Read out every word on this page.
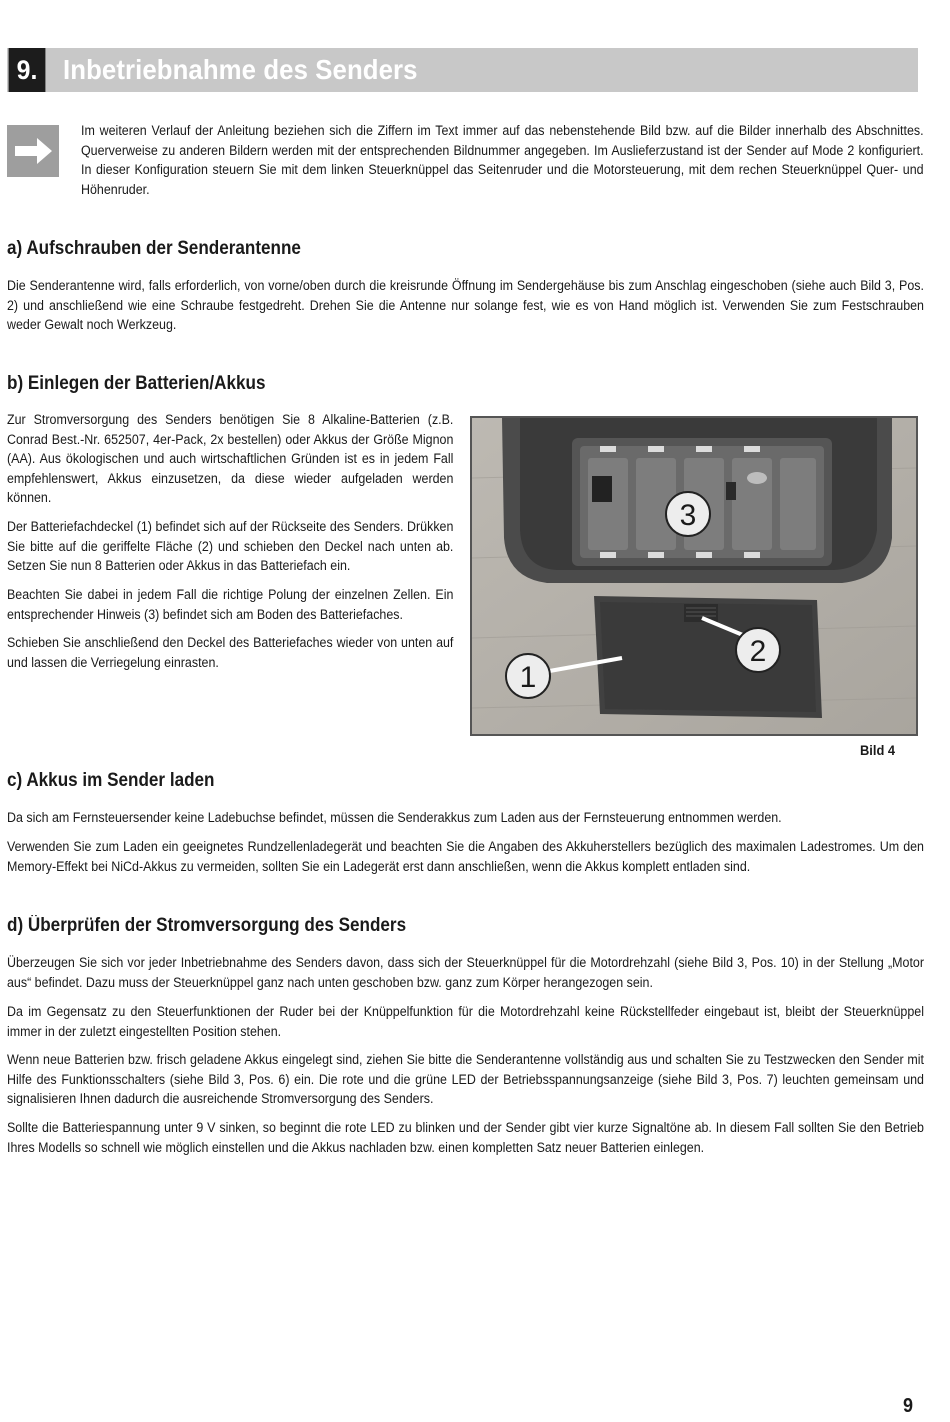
9. Inbetriebnahme des Senders

Im weiteren Verlauf der Anleitung beziehen sich die Ziffern im Text immer auf das nebenstehende Bild bzw. auf die Bilder innerhalb des Abschnittes. Querverweise zu anderen Bildern werden mit der entsprechenden Bildnummer angegeben. Im Auslieferzustand ist der Sender auf Mode 2 konfiguriert. In dieser Konfiguration steuern Sie mit dem linken Steuerknüppel das Seitenruder und die Motorsteuerung, mit dem rechen Steuerknüppel Quer- und Höhenruder.

a) Aufschrauben der Senderantenne

Die Senderantenne wird, falls erforderlich, von vorne/oben durch die kreisrunde Öffnung im Sendergehäuse bis zum Anschlag eingeschoben (siehe auch Bild 3, Pos. 2) und anschließend wie eine Schraube festgedreht. Drehen Sie die Antenne nur solange fest, wie es von Hand möglich ist. Verwenden Sie zum Festschrauben weder Gewalt noch Werkzeug.

b) Einlegen der Batterien/Akkus

Zur Stromversorgung des Senders benötigen Sie 8 Alkaline-Batterien (z.B. Conrad Best.-Nr. 652507, 4er-Pack, 2x bestellen) oder Akkus der Größe Mignon (AA). Aus ökologischen und auch wirtschaftlichen Gründen ist es in jedem Fall empfehlenswert, Akkus einzusetzen, da diese wieder aufgeladen werden können.

Der Batteriefachdeckel (1) befindet sich auf der Rückseite des Senders. Drükken Sie bitte auf die geriffelte Fläche (2) und schieben den Deckel nach unten ab. Setzen Sie nun 8 Batterien oder Akkus in das Batteriefach ein.

Beachten Sie dabei in jedem Fall die richtige Polung der einzelnen Zellen. Ein entsprechender Hinweis (3) befindet sich am Boden des Batteriefaches.

Schieben Sie anschließend den Deckel des Batteriefaches wieder von unten auf und lassen die Verriegelung einrasten.

3
2
1
Bild 4
c) Akkus im Sender laden

Da sich am Fernsteuersender keine Ladebuchse befindet, müssen die Senderakkus zum Laden aus der Fernsteuerung entnommen werden.

Verwenden Sie zum Laden ein geeignetes Rundzellenladegerät und beachten Sie die Angaben des Akkuherstellers bezüglich des maximalen Ladestromes. Um den Memory-Effekt bei NiCd-Akkus zu vermeiden, sollten Sie ein Ladegerät erst dann anschließen, wenn die Akkus komplett entladen sind.

d) Überprüfen der Stromversorgung des Senders

Überzeugen Sie sich vor jeder Inbetriebnahme des Senders davon, dass sich der Steuerknüppel für die Motordrehzahl (siehe Bild 3, Pos. 10) in der Stellung „Motor aus“ befindet. Dazu muss der Steuerknüppel ganz nach unten geschoben bzw. ganz zum Körper herangezogen sein.

Da im Gegensatz zu den Steuerfunktionen der Ruder bei der Knüppelfunktion für die Motordrehzahl keine Rückstellfeder eingebaut ist, bleibt der Steuerknüppel immer in der zuletzt eingestellten Position stehen.

Wenn neue Batterien bzw. frisch geladene Akkus eingelegt sind, ziehen Sie bitte die Senderantenne vollständig aus und schalten Sie zu Testzwecken den Sender mit Hilfe des Funktionsschalters (siehe Bild 3, Pos. 6) ein. Die rote und die grüne LED der Betriebsspannungsanzeige (siehe Bild 3, Pos. 7) leuchten gemeinsam und signalisieren Ihnen dadurch die ausreichende Stromversorgung des Senders.

Sollte die Batteriespannung unter 9 V sinken, so beginnt die rote LED zu blinken und der Sender gibt vier kurze Signaltöne ab. In diesem Fall sollten Sie den Betrieb Ihres Modells so schnell wie möglich einstellen und die Akkus nachladen bzw. einen kompletten Satz neuer Batterien einlegen.

9
